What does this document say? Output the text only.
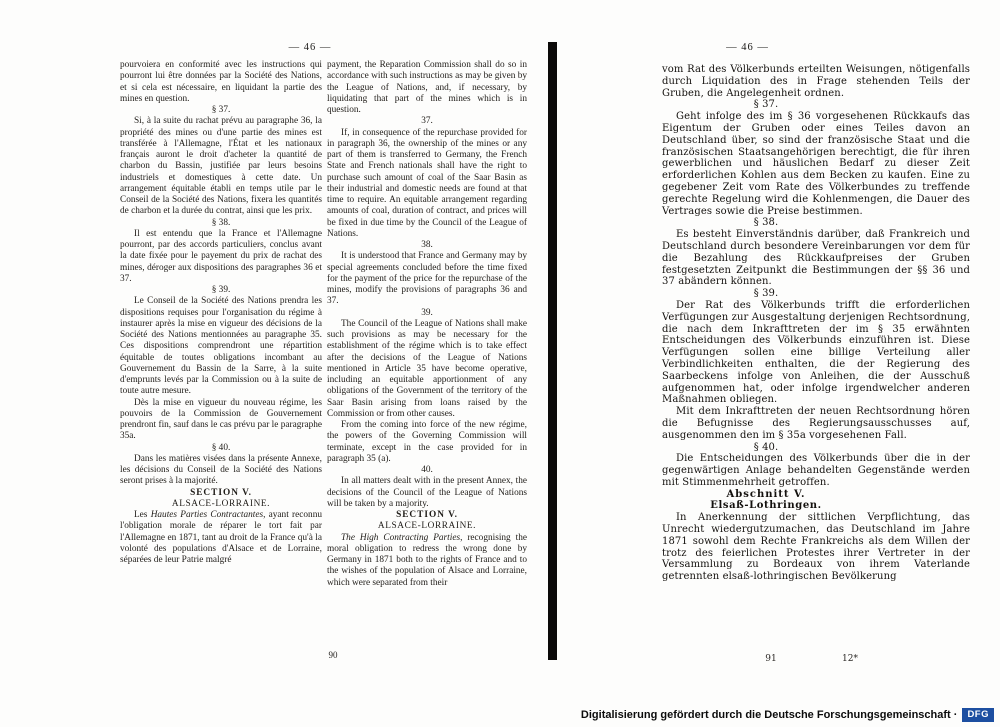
— 46 —

pourvoiera en conformité avec les instructions qui pourront lui être données par la Société des Nations, et si cela est nécessaire, en liquidant la partie des mines en question.

§ 37.

Si, à la suite du rachat prévu au paragraphe 36, la propriété des mines ou d'une partie des mines est transférée à l'Allemagne, l'État et les nationaux français auront le droit d'acheter la quantité de charbon du Bassin, justifiée par leurs besoins industriels et domestiques à cette date. Un arrangement équitable établi en temps utile par le Conseil de la Société des Nations, fixera les quantités de charbon et la durée du contrat, ainsi que les prix.

§ 38.

Il est entendu que la France et l'Allemagne pourront, par des accords particuliers, conclus avant la date fixée pour le payement du prix de rachat des mines, déroger aux dispositions des paragraphes 36 et 37.

§ 39.

Le Conseil de la Société des Nations prendra les dispositions requises pour l'organisation du régime à instaurer après la mise en vigueur des décisions de la Société des Nations mentionnées au paragraphe 35. Ces dispositions comprendront une répartition équitable de toutes obligations incombant au Gouvernement du Bassin de la Sarre, à la suite d'emprunts levés par la Commission ou à la suite de toute autre mesure.

Dès la mise en vigueur du nouveau régime, les pouvoirs de la Commission de Gouvernement prendront fin, sauf dans le cas prévu par le paragraphe 35a.

§ 40.

Dans les matières visées dans la présente Annexe, les décisions du Conseil de la Société des Nations seront prises à la majorité.

SECTION V.

ALSACE-LORRAINE.

Les Hautes Parties Contractantes, ayant reconnu l'obligation morale de réparer le tort fait par l'Allemagne en 1871, tant au droit de la France qu'à la volonté des populations d'Alsace et de Lorraine, séparées de leur Patrie malgré

payment, the Reparation Commission shall do so in accordance with such instructions as may be given by the League of Nations, and, if necessary, by liquidating that part of the mines which is in question.

37.

If, in consequence of the repurchase provided for in paragraph 36, the ownership of the mines or any part of them is transferred to Germany, the French State and French nationals shall have the right to purchase such amount of coal of the Saar Basin as their industrial and domestic needs are found at that time to require. An equitable arrangement regarding amounts of coal, duration of contract, and prices will be fixed in due time by the Council of the League of Nations.

38.

It is understood that France and Germany may by special agreements concluded before the time fixed for the payment of the price for the repurchase of the mines, modify the provisions of paragraphs 36 and 37.

39.

The Council of the League of Nations shall make such provisions as may be necessary for the establishment of the régime which is to take effect after the decisions of the League of Nations mentioned in Article 35 have become operative, including an equitable apportionment of any obligations of the Government of the territory of the Saar Basin arising from loans raised by the Commission or from other causes.

From the coming into force of the new régime, the powers of the Governing Commission will terminate, except in the case provided for in paragraph 35 (a).

40.

In all matters dealt with in the present Annex, the decisions of the Council of the League of Nations will be taken by a majority.

SECTION V.

ALSACE-LORRAINE.

The High Contracting Parties, recognising the moral obligation to redress the wrong done by Germany in 1871 both to the rights of France and to the wishes of the population of Alsace and Lorraine, which were separated from their

— 46 —

vom Rat des Völkerbunds erteilten Weisungen, nötigenfalls durch Liquidation des in Frage stehenden Teils der Gruben, die Angelegenheit ordnen.

§ 37.

Geht infolge des im § 36 vorgesehenen Rückkaufs das Eigentum der Gruben oder eines Teiles davon an Deutschland über, so sind der französische Staat und die französischen Staatsangehörigen berechtigt, die für ihren gewerblichen und häuslichen Bedarf zu dieser Zeit erforderlichen Kohlen aus dem Becken zu kaufen. Eine zu gegebener Zeit vom Rate des Völkerbundes zu treffende gerechte Regelung wird die Kohlenmengen, die Dauer des Vertrages sowie die Preise bestimmen.

§ 38.

Es besteht Einverständnis darüber, daß Frankreich und Deutschland durch besondere Vereinbarungen vor dem für die Bezahlung des Rückkaufpreises der Gruben festgesetzten Zeitpunkt die Bestimmungen der §§ 36 und 37 abändern können.

§ 39.

Der Rat des Völkerbunds trifft die erforderlichen Verfügungen zur Ausgestaltung derjenigen Rechtsordnung, die nach dem Inkrafttreten der im § 35 erwähnten Entscheidungen des Völkerbunds einzuführen ist. Diese Verfügungen sollen eine billige Verteilung aller Verbindlichkeiten enthalten, die der Regierung des Saarbeckens infolge von Anleihen, die der Ausschuß aufgenommen hat, oder infolge irgendwelcher anderen Maßnahmen obliegen.

Mit dem Inkrafttreten der neuen Rechtsordnung hören die Befugnisse des Regierungsausschusses auf, ausgenommen den im § 35a vorgesehenen Fall.

§ 40.

Die Entscheidungen des Völkerbunds über die in der gegenwärtigen Anlage behandelten Gegenstände werden mit Stimmenmehrheit getroffen.

Abschnitt V.

Elsaß-Lothringen.

In Anerkennung der sittlichen Verpflichtung, das Unrecht wiedergutzumachen, das Deutschland im Jahre 1871 sowohl dem Rechte Frankreichs als dem Willen der trotz des feierlichen Protestes ihrer Vertreter in der Versammlung zu Bordeaux von ihrem Vaterlande getrennten elsaß-lothringischen Bevölkerung

90	91	12*
Digitalisierung gefördert durch die Deutsche Forschungsgemeinschaft ·	DFG
